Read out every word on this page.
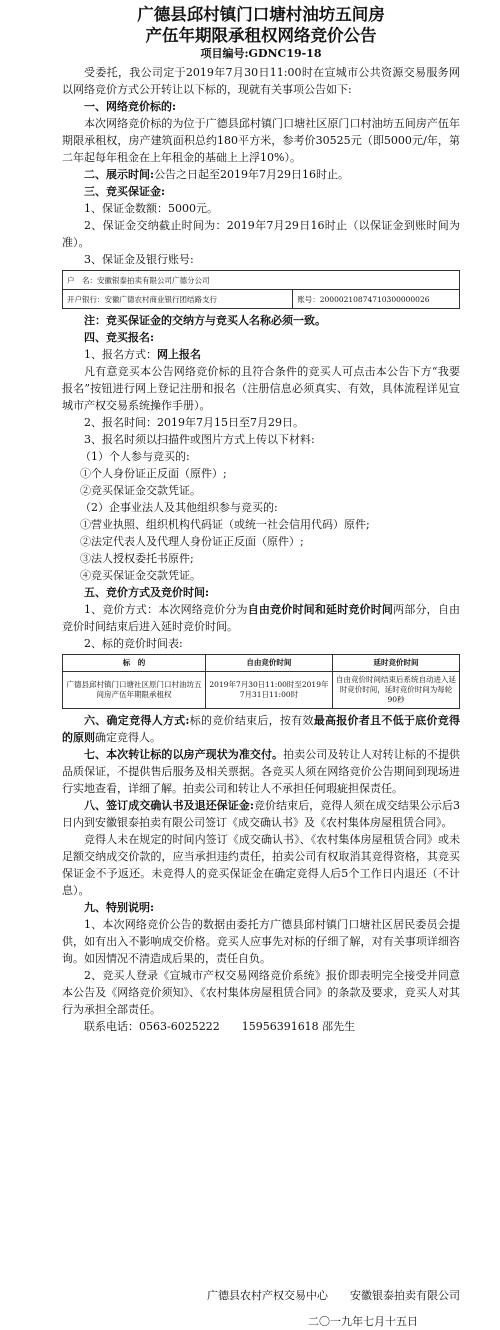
广德县邱村镇门口塘村油坊五间房
产伍年期限承租权网络竞价公告
项目编号:GDNC19-18

受委托，我公司定于2019年7月30日11:00时在宣城市公共资源交易服务网以网络竞价方式公开转让以下标的，现就有关事项公告如下:

一、网络竞价标的:

本次网络竞价标的为位于广德县邱村镇门口塘社区原门口村油坊五间房产伍年期限承租权，房产建筑面积总约180平方米，参考价30525元（即5000元/年，第二年起每年租金在上年租金的基础上上浮10%）。

二、展示时间:公告之日起至2019年7月29日16时止。

三、竞买保证金:

1、保证金数额：5000元。

2、保证金交纳截止时间为：2019年7月29日16时止（以保证金到账时间为准）。

3、保证金及银行账号:

户　名：安徽银泰拍卖有限公司广德分公司
开户银行：安徽广德农村商业银行团结路支行	账号：20000210874710300000026

注：竞买保证金的交纳方与竞买人名称必须一致。

四、竞买报名:

1、报名方式：网上报名

凡有意竞买本公告网络竞价标的且符合条件的竞买人可点击本公告下方“我要报名”按钮进行网上登记注册和报名（注册信息必须真实、有效，具体流程详见宣城市产权交易系统操作手册）。

2、报名时间：2019年7月15日至7月29日。

3、报名时须以扫描件或图片方式上传以下材料:

（1）个人参与竞买的:

①个人身份证正反面（原件）;

②竞买保证金交款凭证。

（2）企事业法人及其他组织参与竞买的:

①营业执照、组织机构代码证（或统一社会信用代码）原件;

②法定代表人及代理人身份证正反面（原件）;

③法人授权委托书原件;

④竞买保证金交款凭证。

五、竞价方式及竞价时间:

1、竞价方式：本次网络竞价分为自由竞价时间和延时竞价时间两部分，自由竞价时间结束后进入延时竞价时间。

2、标的竞价时间表:

标　的	自由竞价时间	延时竞价时间
广德县邱村镇门口塘社区原门口村油坊五间房产伍年期限承租权	2019年7月30日11:00时至2019年7月31日11:00时	自由竞价时间结束后系统自动进入延时竞价时间，延时竞价时间为每轮90秒

六、确定竞得人方式:标的竞价结束后，按有效最高报价者且不低于底价竞得的原则确定竞得人。

七、本次转让标的以房产现状为准交付。拍卖公司及转让人对转让标的不提供品质保证，不提供售后服务及相关票据。各竞买人须在网络竞价公告期间到现场进行实地查看，详细了解。拍卖公司和转让人不承担任何瑕疵担保责任。

八、签订成交确认书及退还保证金:竞价结束后，竞得人须在成交结果公示后3日内到安徽银泰拍卖有限公司签订《成交确认书》及《农村集体房屋租赁合同》。

竞得人未在规定的时间内签订《成交确认书》、《农村集体房屋租赁合同》或未足额交纳成交价款的，应当承担违约责任，拍卖公司有权取消其竞得资格，其竞买保证金不予返还。未竞得人的竞买保证金在确定竞得人后5个工作日内退还（不计息）。

九、特别说明:

1、本次网络竞价公告的数据由委托方广德县邱村镇门口塘社区居民委员会提供，如有出入不影响成交价格。竞买人应事先对标的仔细了解，对有关事项详细咨询。如因情况不清造成后果的，责任自负。

2、竞买人登录《宣城市产权交易网络竞价系统》报价即表明完全接受并同意本公告及《网络竞价须知》、《农村集体房屋租赁合同》的条款及要求，竞买人对其行为承担全部责任。

联系电话：0563-6025222　　15956391618 邵先生

广德县农村产权交易中心　　安徽银泰拍卖有限公司
二〇一九年七月十五日
